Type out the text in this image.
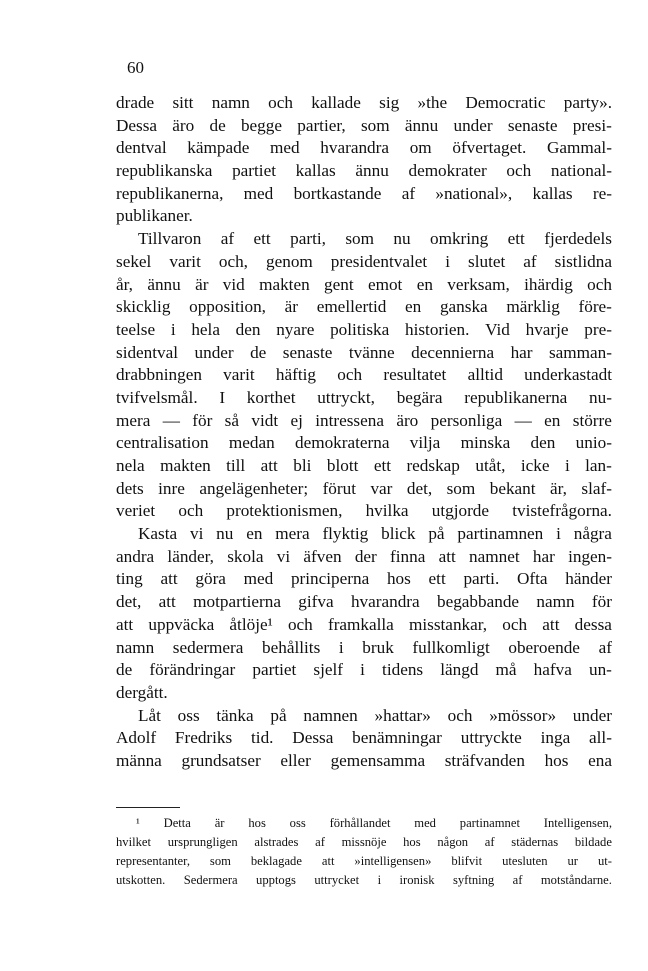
60
drade sitt namn och kallade sig »the Democratic party».
Dessa äro de begge partier, som ännu under senaste presi-
dentval kämpade med hvarandra om öfvertaget. Gammal-
republikanska partiet kallas ännu demokrater och national-
republikanerna, med bortkastande af »national», kallas re-
publikaner.
Tillvaron af ett parti, som nu omkring ett fjerdedels
sekel varit och, genom presidentvalet i slutet af sistlidna
år, ännu är vid makten gent emot en verksam, ihärdig och
skicklig opposition, är emellertid en ganska märklig före-
teelse i hela den nyare politiska historien. Vid hvarje pre-
sidentval under de senaste tvänne decennierna har samman-
drabbningen varit häftig och resultatet alltid underkastadt
tvifvelsmål. I korthet uttryckt, begära republikanerna nu-
mera — för så vidt ej intressena äro personliga — en större
centralisation medan demokraterna vilja minska den unio-
nela makten till att bli blott ett redskap utåt, icke i lan-
dets inre angelägenheter; förut var det, som bekant är, slaf-
veriet och protektionismen, hvilka utgjorde tvistefrågorna.
Kasta vi nu en mera flyktig blick på partinamnen i några
andra länder, skola vi äfven der finna att namnet har ingen-
ting att göra med principerna hos ett parti. Ofta händer
det, att motpartierna gifva hvarandra begabbande namn för
att uppväcka åtlöje¹ och framkalla misstankar, och att dessa
namn sedermera behållits i bruk fullkomligt oberoende af
de förändringar partiet sjelf i tidens längd må hafva un-
dergått.
Låt oss tänka på namnen »hattar» och »mössor» under
Adolf Fredriks tid. Dessa benämningar uttryckte inga all-
männa grundsatser eller gemensamma sträfvanden hos ena
¹ Detta är hos oss förhållandet med partinamnet Intelligensen,
hvilket ursprungligen alstrades af missnöje hos någon af städernas bildade
representanter, som beklagade att »intelligensen» blifvit utesluten ur ut-
utskotten. Sedermera upptogs uttrycket i ironisk syftning af motståndarne.
